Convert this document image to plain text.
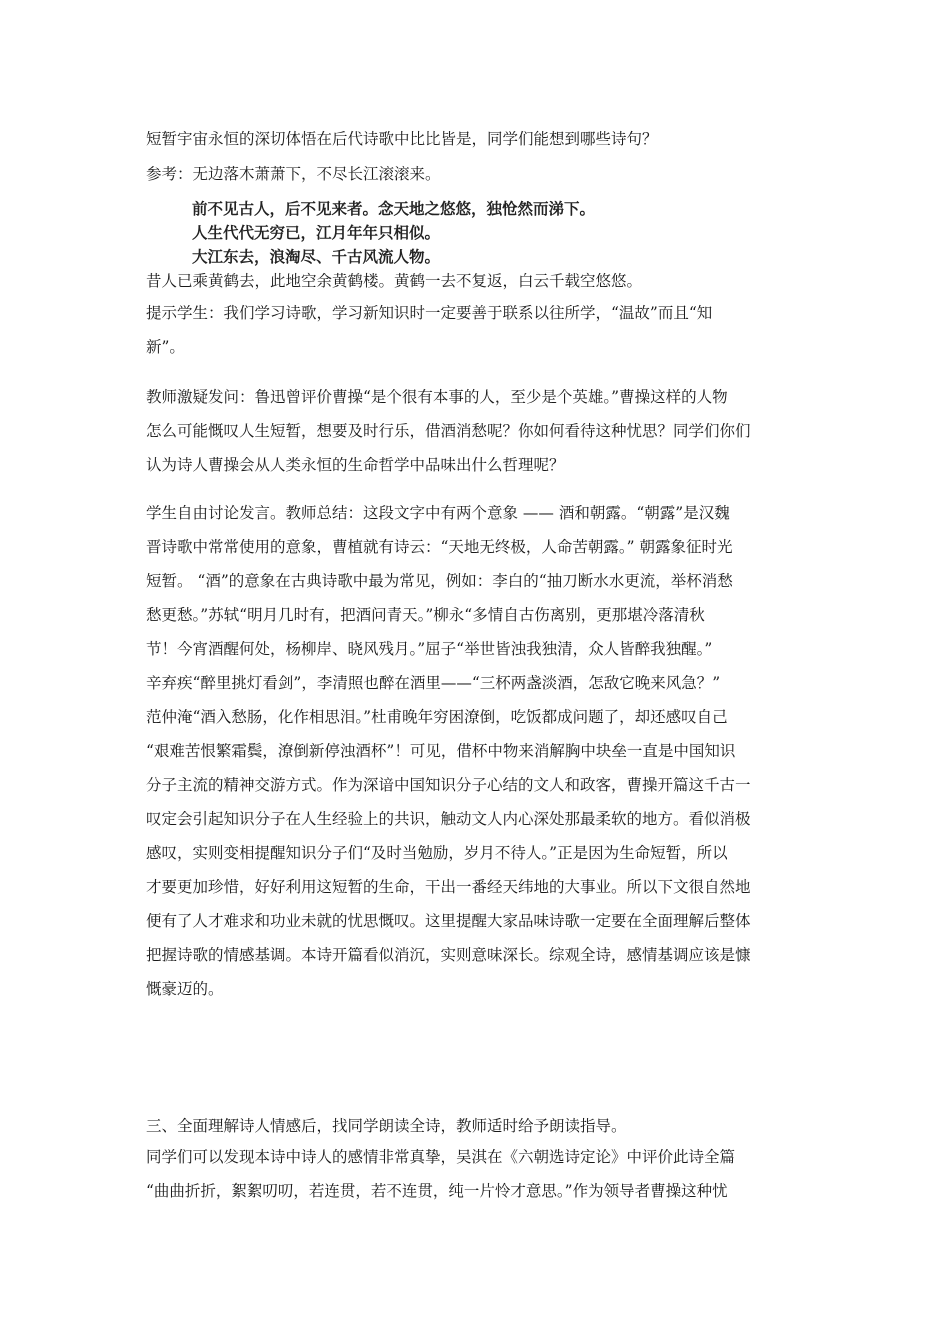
短暂宇宙永恒的深切体悟在后代诗歌中比比皆是，同学们能想到哪些诗句？

参考：无边落木萧萧下，不尽长江滚滚来。

前不见古人，后不见来者。念天地之悠悠，独怆然而涕下。
人生代代无穷已，江月年年只相似。
大江东去，浪淘尽、千古风流人物。

昔人已乘黄鹤去，此地空余黄鹤楼。黄鹤一去不复返，白云千载空悠悠。

提示学生：我们学习诗歌，学习新知识时一定要善于联系以往所学，“温故”而且“知
新”。

教师激疑发问：鲁迅曾评价曹操“是个很有本事的人，至少是个英雄。”曹操这样的人物
怎么可能慨叹人生短暂，想要及时行乐，借酒消愁呢？你如何看待这种忧思？同学们你们
认为诗人曹操会从人类永恒的生命哲学中品味出什么哲理呢？

学生自由讨论发言。教师总结：这段文字中有两个意象 —— 酒和朝露。“朝露”是汉魏
晋诗歌中常常使用的意象，曹植就有诗云：“天地无终极，人命苦朝露。” 朝露象征时光
短暂。 “酒”的意象在古典诗歌中最为常见，例如：李白的“抽刀断水水更流，举杯消愁
愁更愁。”苏轼“明月几时有，把酒问青天。”柳永“多情自古伤离别，更那堪冷落清秋
节！今宵酒醒何处，杨柳岸、晓风残月。”屈子“举世皆浊我独清，众人皆醉我独醒。”
辛弃疾“醉里挑灯看剑”，李清照也醉在酒里——“三杯两盏淡酒，怎敌它晚来风急？”
范仲淹“酒入愁肠，化作相思泪。”杜甫晚年穷困潦倒，吃饭都成问题了，却还感叹自己
“艰难苦恨繁霜鬓，潦倒新停浊酒杯”！可见，借杯中物来消解胸中块垒一直是中国知识
分子主流的精神交游方式。作为深谙中国知识分子心结的文人和政客，曹操开篇这千古一
叹定会引起知识分子在人生经验上的共识，触动文人内心深处那最柔软的地方。看似消极
感叹，实则变相提醒知识分子们“及时当勉励，岁月不待人。”正是因为生命短暂，所以
才要更加珍惜，好好利用这短暂的生命，干出一番经天纬地的大事业。所以下文很自然地
便有了人才难求和功业未就的忧思慨叹。这里提醒大家品味诗歌一定要在全面理解后整体
把握诗歌的情感基调。本诗开篇看似消沉，实则意味深长。综观全诗，感情基调应该是慷
慨豪迈的。

三、全面理解诗人情感后，找同学朗读全诗，教师适时给予朗读指导。

同学们可以发现本诗中诗人的感情非常真挚，吴淇在《六朝选诗定论》中评价此诗全篇
“曲曲折折，絮絮叨叨，若连贯，若不连贯，纯一片怜才意思。”作为领导者曹操这种忧
